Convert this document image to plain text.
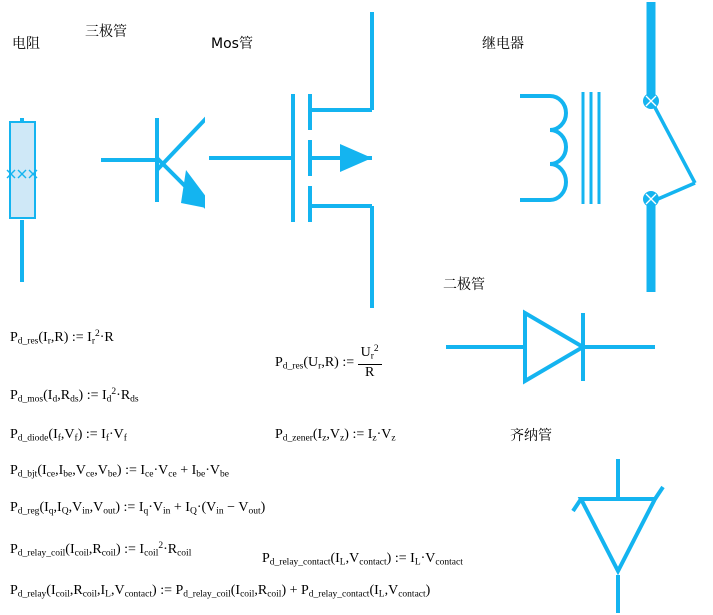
电阻
三极管
Mos管	继电器
二极管
齐纳管
$P_{d\_res}(I_r,R)$ := $I_r^2\cdot R$
$P_{d\_mos}(I_d,R_{ds})$ := $I_d^2\cdot R_{ds}$
$P_{d\_diode}(I_f,V_f)$ := $I_f\cdot V_f$
$P_{d\_bjt}(I_{ce},I_{be},V_{ce},V_{be})$ := $I_{ce}\cdot V_{ce} + I_{be}\cdot V_{be}$
$P_{d\_reg}(I_q,I_Q,V_{in},V_{out})$ := $I_q\cdot V_{in} + I_Q\cdot(V_{in} - V_{out})$
$P_{d\_relay\_coil}(I_{coil},R_{coil})$ := $I_{coil}^2\cdot R_{coil}$
$P_{d\_relay}(I_{coil},R_{coil},I_L,V_{contact})$ := $P_{d\_relay\_coil}(I_{coil},R_{coil}) + P_{d\_relay\_contact}(I_L,V_{contact})$
$P_{d\_res}(U_r,R)$ := $\frac{U_r^2}{R}$
$P_{d\_zener}(I_z,V_z)$ := $I_z\cdot V_z$
$P_{d\_relay\_contact}(I_L,V_{contact})$ := $I_L\cdot V_{contact}$
